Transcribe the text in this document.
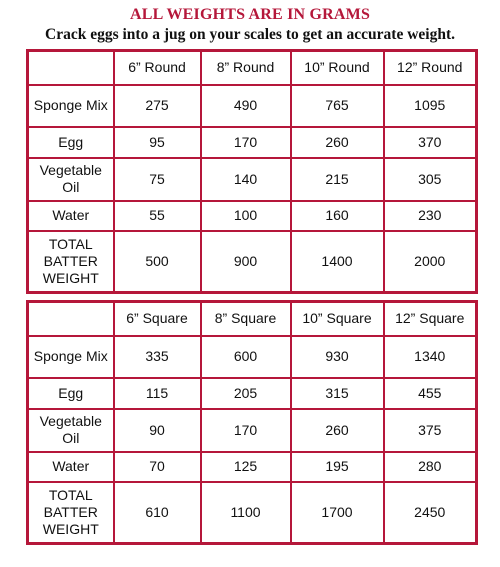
ALL WEIGHTS ARE IN GRAMS
Crack eggs into a jug on your scales to get an accurate weight.
	6” Round	8” Round	10” Round	12” Round
Sponge Mix	275	490	765	1095
Egg	95	170	260	370
Vegetable Oil	75	140	215	305
Water	55	100	160	230
TOTAL BATTER WEIGHT	500	900	1400	2000
	6” Square	8” Square	10” Square	12” Square
Sponge Mix	335	600	930	1340
Egg	115	205	315	455
Vegetable Oil	90	170	260	375
Water	70	125	195	280
TOTAL BATTER WEIGHT	610	1100	1700	2450
